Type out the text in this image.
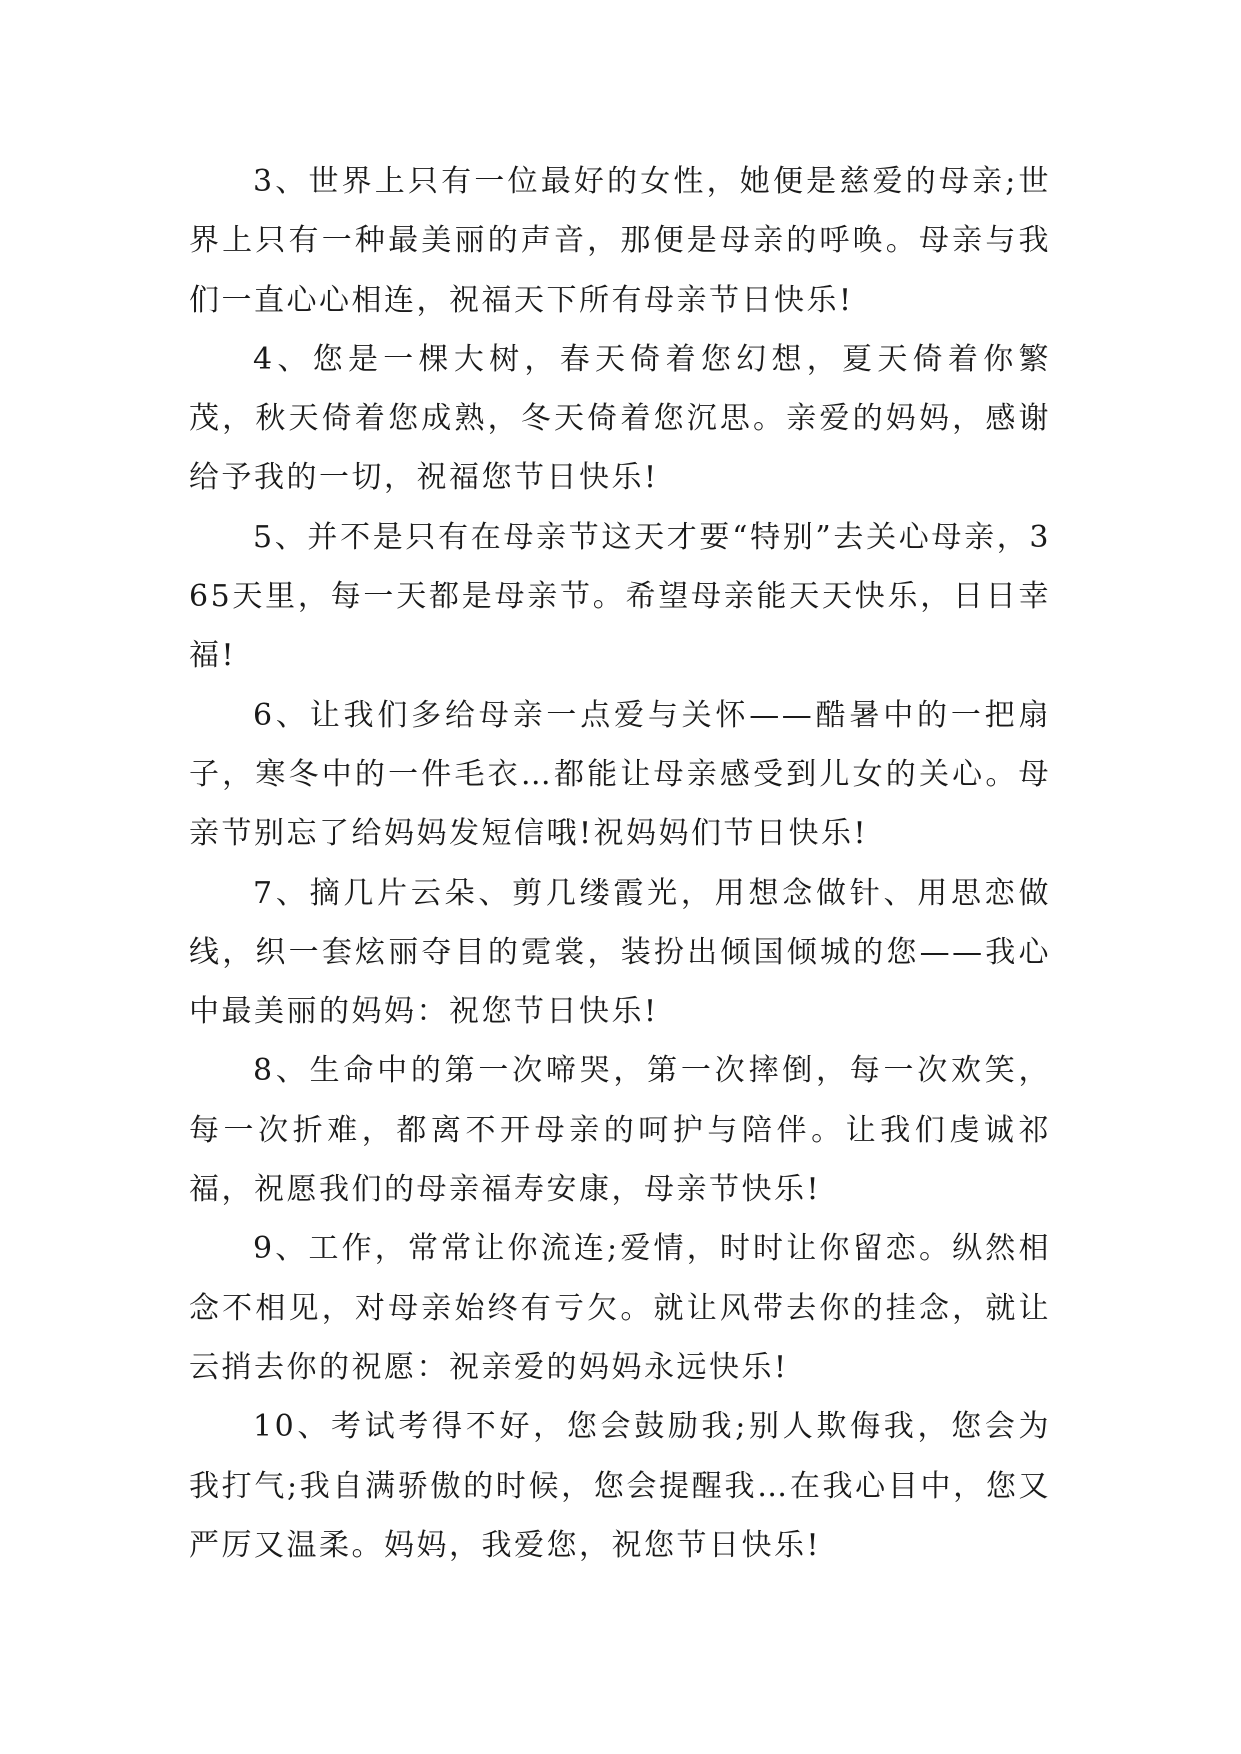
3、世界上只有一位最好的女性，她便是慈爱的母亲;世界上只有一种最美丽的声音，那便是母亲的呼唤。母亲与我们一直心心相连，祝福天下所有母亲节日快乐!

4、您是一棵大树，春天倚着您幻想，夏天倚着你繁茂，秋天倚着您成熟，冬天倚着您沉思。亲爱的妈妈，感谢给予我的一切，祝福您节日快乐!

5、并不是只有在母亲节这天才要“特别”去关心母亲，365天里，每一天都是母亲节。希望母亲能天天快乐，日日幸福!

6、让我们多给母亲一点爱与关怀——酷暑中的一把扇子，寒冬中的一件毛衣…都能让母亲感受到儿女的关心。母亲节别忘了给妈妈发短信哦!祝妈妈们节日快乐!

7、摘几片云朵、剪几缕霞光，用想念做针、用思恋做线，织一套炫丽夺目的霓裳，装扮出倾国倾城的您——我心中最美丽的妈妈：祝您节日快乐!

8、生命中的第一次啼哭，第一次摔倒，每一次欢笑，每一次折难，都离不开母亲的呵护与陪伴。让我们虔诚祁福，祝愿我们的母亲福寿安康，母亲节快乐!

9、工作，常常让你流连;爱情，时时让你留恋。纵然相念不相见，对母亲始终有亏欠。就让风带去你的挂念，就让云捎去你的祝愿：祝亲爱的妈妈永远快乐!

10、考试考得不好，您会鼓励我;别人欺侮我，您会为我打气;我自满骄傲的时候，您会提醒我…在我心目中，您又严厉又温柔。妈妈，我爱您，祝您节日快乐!
